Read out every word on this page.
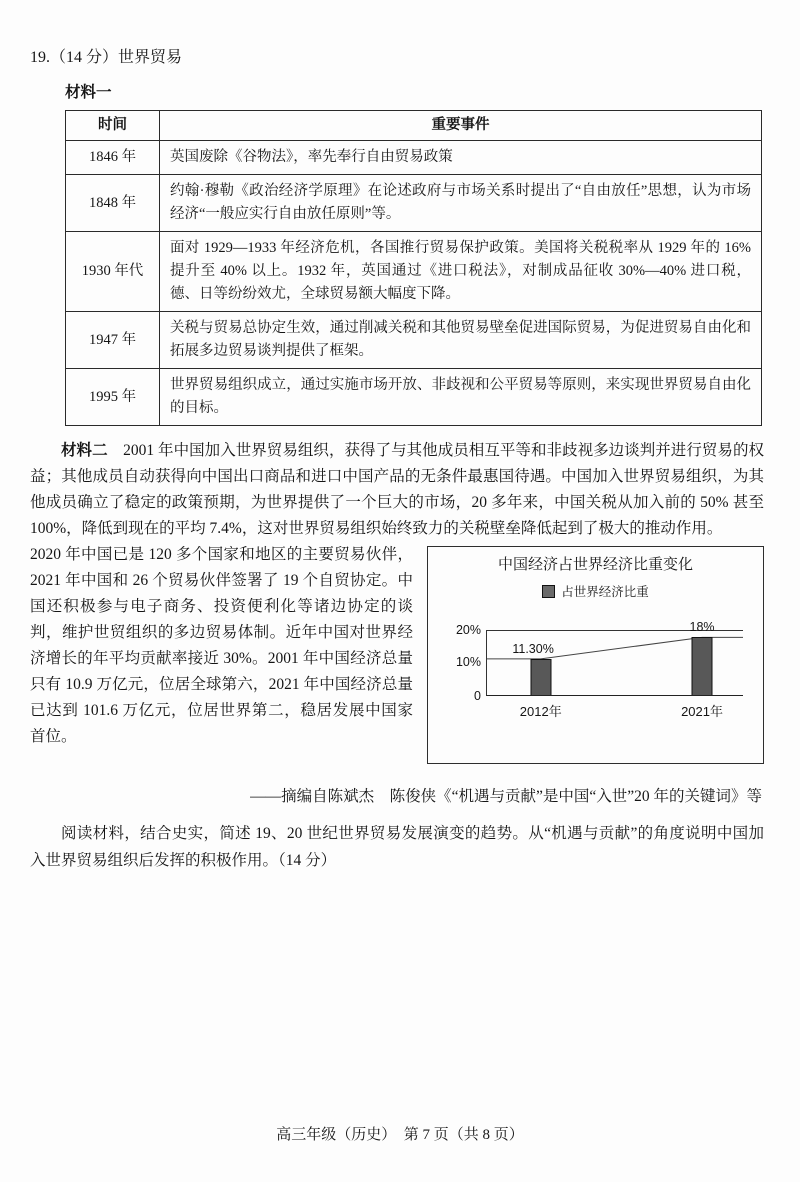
19.（14 分）世界贸易

材料一
时间	重要事件
1846 年	英国废除《谷物法》，率先奉行自由贸易政策
1848 年	约翰·穆勒《政治经济学原理》在论述政府与市场关系时提出了“自由放任”思想，认为市场经济“一般应实行自由放任原则”等。
1930 年代	面对 1929—1933 年经济危机，各国推行贸易保护政策。美国将关税税率从 1929 年的 16% 提升至 40% 以上。1932 年，英国通过《进口税法》，对制成品征收 30%—40% 进口税，德、日等纷纷效尤，全球贸易额大幅度下降。
1947 年	关税与贸易总协定生效，通过削减关税和其他贸易壁垒促进国际贸易，为促进贸易自由化和拓展多边贸易谈判提供了框架。
1995 年	世界贸易组织成立，通过实施市场开放、非歧视和公平贸易等原则，来实现世界贸易自由化的目标。

材料二 2001 年中国加入世界贸易组织，获得了与其他成员相互平等和非歧视多边谈判并进行贸易的权益；其他成员自动获得向中国出口商品和进口中国产品的无条件最惠国待遇。中国加入世界贸易组织，为其他成员确立了稳定的政策预期，为世界提供了一个巨大的市场，20 多年来，中国关税从加入前的 50% 甚至 100%，降低到现在的平均 7.4%，这对世界贸易组织始终致力的关税壁垒降低起到了极大的推动作用。

中国经济占世界经济比重变化
占世界经济比重
20%
10%
0
11.30%
18%
2012年	2021年

2020 年中国已是 120 多个国家和地区的主要贸易伙伴，2021 年中国和 26 个贸易伙伴签署了 19 个自贸协定。中国还积极参与电子商务、投资便利化等诸边协定的谈判，维护世贸组织的多边贸易体制。近年中国对世界经济增长的年平均贡献率接近 30%。2001 年中国经济总量只有 10.9 万亿元，位居全球第六，2021 年中国经济总量已达到 101.6 万亿元，位居世界第二，稳居发展中国家首位。

——摘编自陈斌杰　陈俊侠《“机遇与贡献”是中国“入世”20 年的关键词》等

阅读材料，结合史实，简述 19、20 世纪世界贸易发展演变的趋势。从“机遇与贡献”的角度说明中国加入世界贸易组织后发挥的积极作用。（14 分）

高三年级（历史）　第 7 页（共 8 页）
